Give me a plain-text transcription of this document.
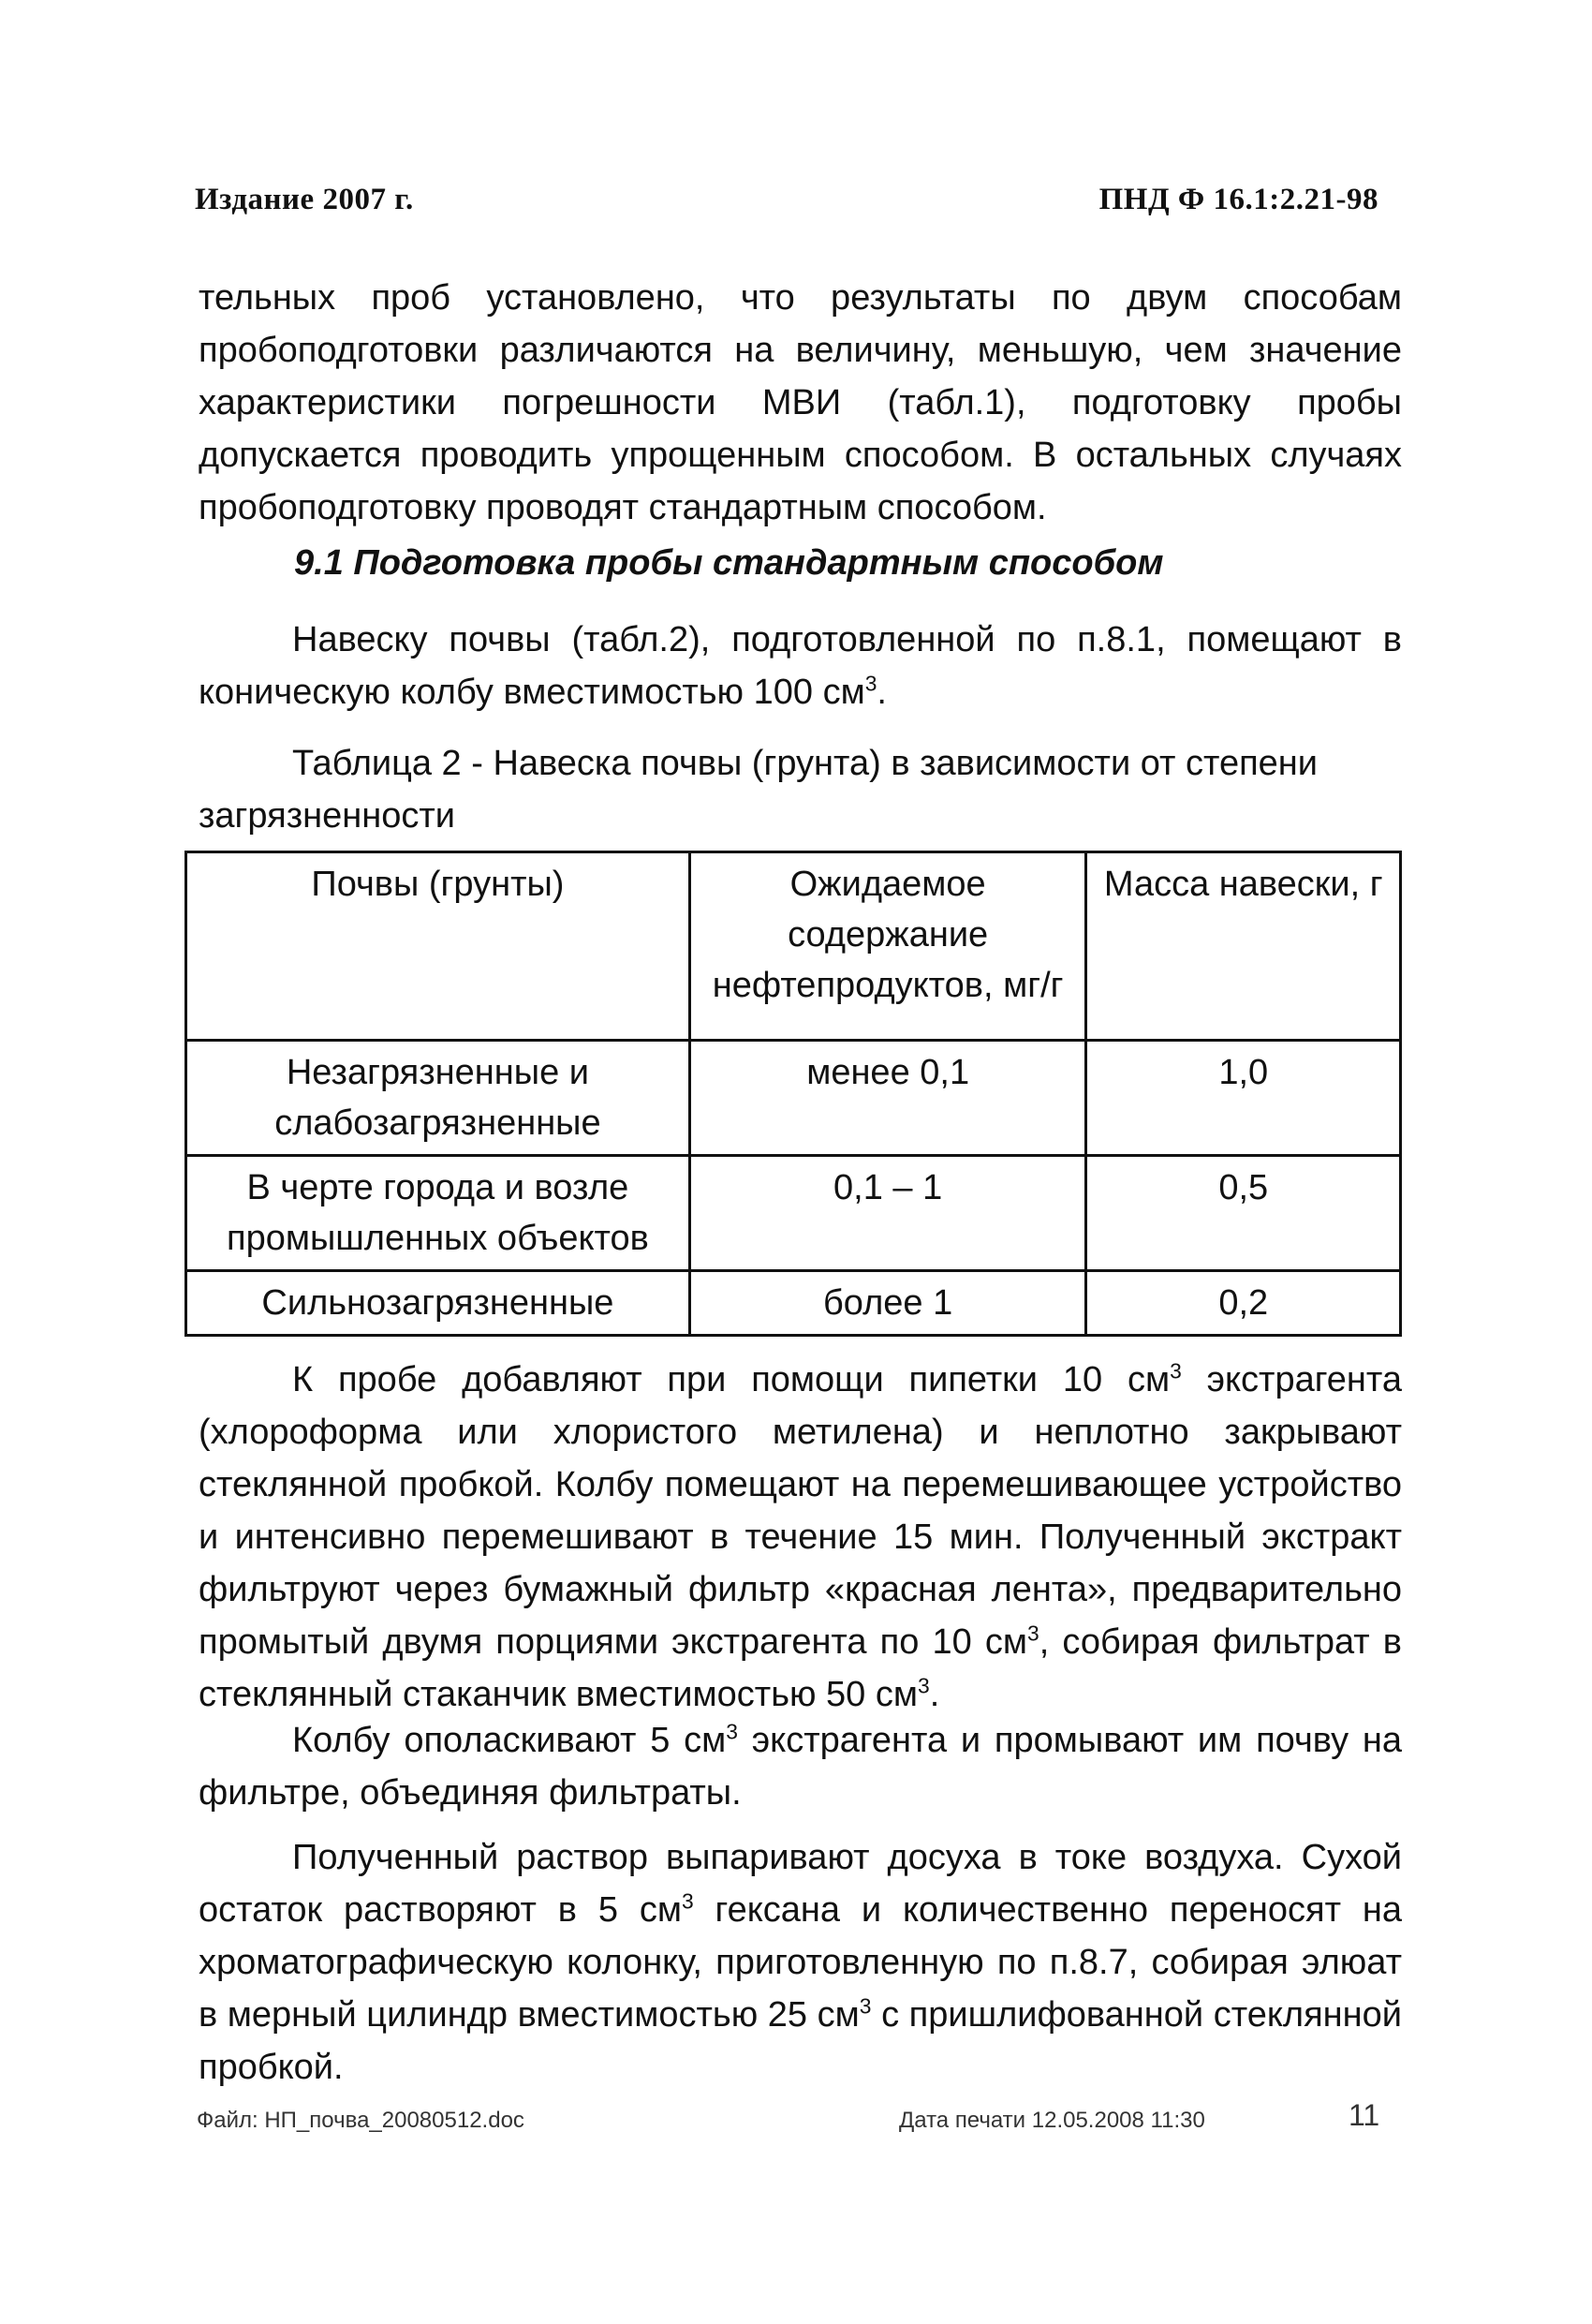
Издание 2007 г.	ПНД Ф 16.1:2.21-98

тельных проб установлено, что результаты по двум способам пробоподготовки различаются на величину, меньшую, чем значение характеристики погрешности МВИ (табл.1), подготовку пробы допускается проводить упрощенным способом. В остальных случаях пробоподготовку проводят стандартным способом.

9.1 Подготовка пробы стандартным способом

Навеску почвы (табл.2), подготовленной по п.8.1, помещают в коническую колбу вместимостью 100 $см^3$.

Таблица 2 - Навеска почвы (грунта) в зависимости от степени загрязненности

Почвы (грунты)	Ожидаемое содержание нефтепродуктов, мг/г	Масса навески, г
Незагрязненные и слабозагрязненные	менее 0,1	1,0
В черте города и возле промышленных объектов	0,1 – 1	0,5
Сильнозагрязненные	более 1	0,2

К пробе добавляют при помощи пипетки 10 $см^3$ экстрагента (хлороформа или хлористого метилена) и неплотно закрывают стеклянной пробкой. Колбу помещают на перемешивающее устройство и интенсивно перемешивают в течение 15 мин. Полученный экстракт фильтруют через бумажный фильтр «красная лента», предварительно промытый двумя порциями экстрагента по 10 $см^3$, собирая фильтрат в стеклянный стаканчик вместимостью 50 $см^3$.

Колбу ополаскивают 5 $см^3$ экстрагента и промывают им почву на фильтре, объединяя фильтраты.

Полученный раствор выпаривают досуха в токе воздуха. Сухой остаток растворяют в 5 $см^3$ гексана и количественно переносят на хроматографическую колонку, приготовленную по п.8.7, собирая элюат в мерный цилиндр вместимостью 25 $см^3$ с пришлифованной стеклянной пробкой.

Файл: НП_почва_20080512.doc	Дата печати 12.05.2008 11:30	11
